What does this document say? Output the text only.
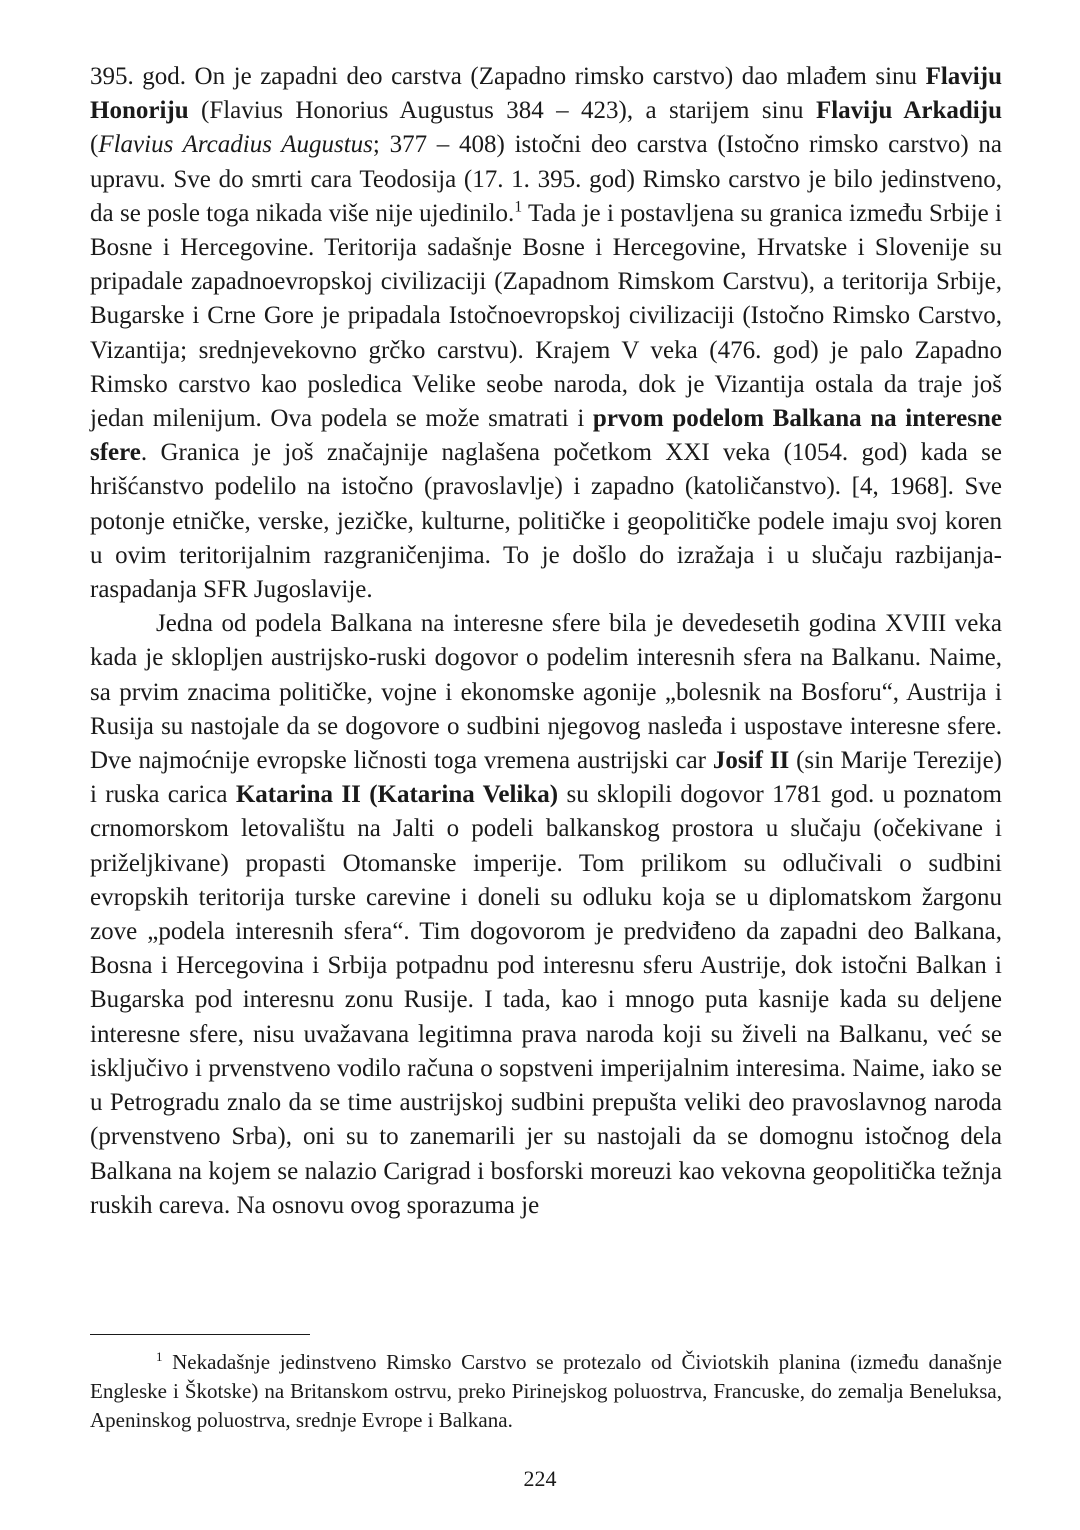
395. god. On je zapadni deo carstva (Zapadno rimsko carstvo) dao mlađem sinu Flaviju Honoriju (Flavius Honorius Augustus 384 – 423), a starijem sinu Flaviju Arkadiju (Flavius Arcadius Augustus; 377 – 408) istočni deo carstva (Istočno rimsko carstvo) na upravu. Sve do smrti cara Teodosija (17. 1. 395. god) Rimsko carstvo je bilo jedinstveno, da se posle toga nikada više nije ujedinilo.$^1$ Tada je i postavljena su granica između Srbije i Bosne i Hercegovine. Teritorija sadašnje Bosne i Hercegovine, Hrvatske i Slovenije su pripadale zapadnoevropskoj civilizaciji (Zapadnom Rimskom Carstvu), a teritorija Srbije, Bugarske i Crne Gore je pripadala Istočnoevropskoj civilizaciji (Istočno Rimsko Carstvo, Vizantija; srednjevekovno grčko carstvu). Krajem V veka (476. god) je palo Zapadno Rimsko carstvo kao posledica Velike seobe naroda, dok je Vizantija ostala da traje još jedan milenijum. Ova podela se može smatrati i prvom podelom Balkana na interesne sfere. Granica je još značajnije naglašena početkom XXI veka (1054. god) kada se hrišćanstvo podelilo na istočno (pravoslavlje) i zapadno (katoličanstvo). [4, 1968]. Sve potonje etničke, verske, jezičke, kulturne, političke i geopolitičke podele imaju svoj koren u ovim teritorijalnim razgraničenjima. To je došlo do izražaja i u slučaju razbijanja-raspadanja SFR Jugoslavije.

Jedna od podela Balkana na interesne sfere bila je devedesetih godina XVIII veka kada je sklopljen austrijsko-ruski dogovor o podelim interesnih sfera na Balkanu. Naime, sa prvim znacima političke, vojne i ekonomske agonije „bolesnik na Bosforu“, Austrija i Rusija su nastojale da se dogovore o sudbini njegovog nasleđa i uspostave interesne sfere. Dve najmoćnije evropske ličnosti toga vremena austrijski car Josif II (sin Marije Terezije) i ruska carica Katarina II (Katarina Velika) su sklopili dogovor 1781 god. u poznatom crnomorskom letovalištu na Jalti o podeli balkanskog prostora u slučaju (očekivane i priželjkivane) propasti Otomanske imperije. Tom prilikom su odlučivali o sudbini evropskih teritorija turske carevine i doneli su odluku koja se u diplomatskom žargonu zove „podela interesnih sfera“. Tim dogovorom je predviđeno da zapadni deo Balkana, Bosna i Hercegovina i Srbija potpadnu pod interesnu sferu Austrije, dok istočni Balkan i Bugarska pod interesnu zonu Rusije. I tada, kao i mnogo puta kasnije kada su deljene interesne sfere, nisu uvažavana legitimna prava naroda koji su živeli na Balkanu, već se isključivo i prvenstveno vodilo računa o sopstveni imperijalnim interesima. Naime, iako se u Petrogradu znalo da se time austrijskoj sudbini prepušta veliki deo pravoslavnog naroda (prvenstveno Srba), oni su to zanemarili jer su nastojali da se domognu istočnog dela Balkana na kojem se nalazio Carigrad i bosforski moreuzi kao vekovna geopolitička težnja ruskih careva. Na osnovu ovog sporazuma je

$^1$ Nekadašnje jedinstveno Rimsko Carstvo se protezalo od Čiviotskih planina (između današnje Engleske i Škotske) na Britanskom ostrvu, preko Pirinejskog poluostrva, Francuske, do zemalja Beneluksa, Apeninskog poluostrva, srednje Evrope i Balkana.

224
